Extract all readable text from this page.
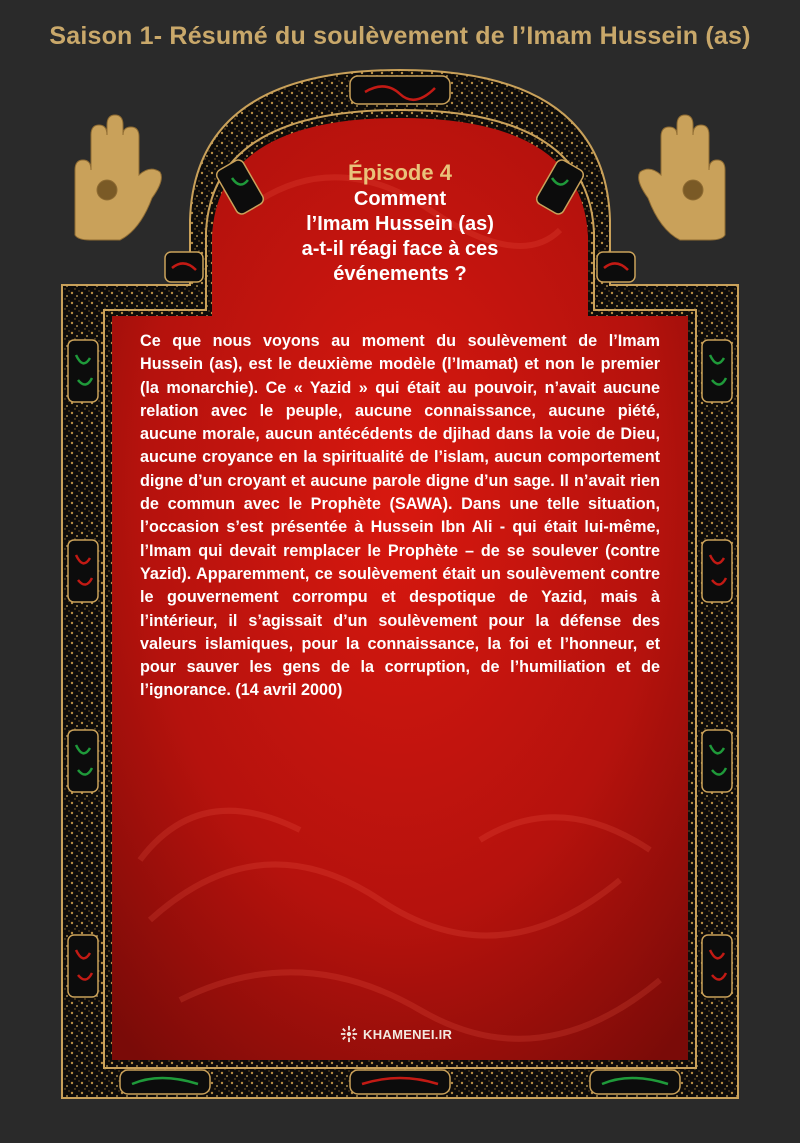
Saison 1- Résumé du soulèvement de l’Imam Hussein (as)
Épisode 4
Comment
l’Imam Hussein (as)
a-t-il réagi face à ces
événements ?
Ce que nous voyons au moment du soulèvement de l’Imam Hussein (as), est le deuxième modèle (l’Imamat) et non le premier (la monarchie). Ce « Yazid » qui était au pouvoir, n’avait aucune relation avec le peuple, aucune connaissance, aucune piété, aucune morale, aucun antécédents de djihad dans la voie de Dieu, aucune croyance en la spiritualité de l’islam, aucun comportement digne d’un croyant et aucune parole digne d’un sage. Il n’avait rien de commun avec le Prophète (SAWA). Dans une telle situation, l’occasion s’est présentée à Hussein Ibn Ali - qui était lui-même, l’Imam qui devait remplacer le Prophète – de se soulever (contre Yazid). Apparemment, ce soulèvement était un soulèvement contre le gouvernement corrompu et despotique de Yazid, mais à l’intérieur, il s’agissait d’un soulèvement pour la défense des valeurs islamiques, pour la connaissance, la foi et l’honneur, et pour sauver les gens de la corruption, de l’humiliation et de l’ignorance. (14 avril 2000)
KHAMENEI.IR
